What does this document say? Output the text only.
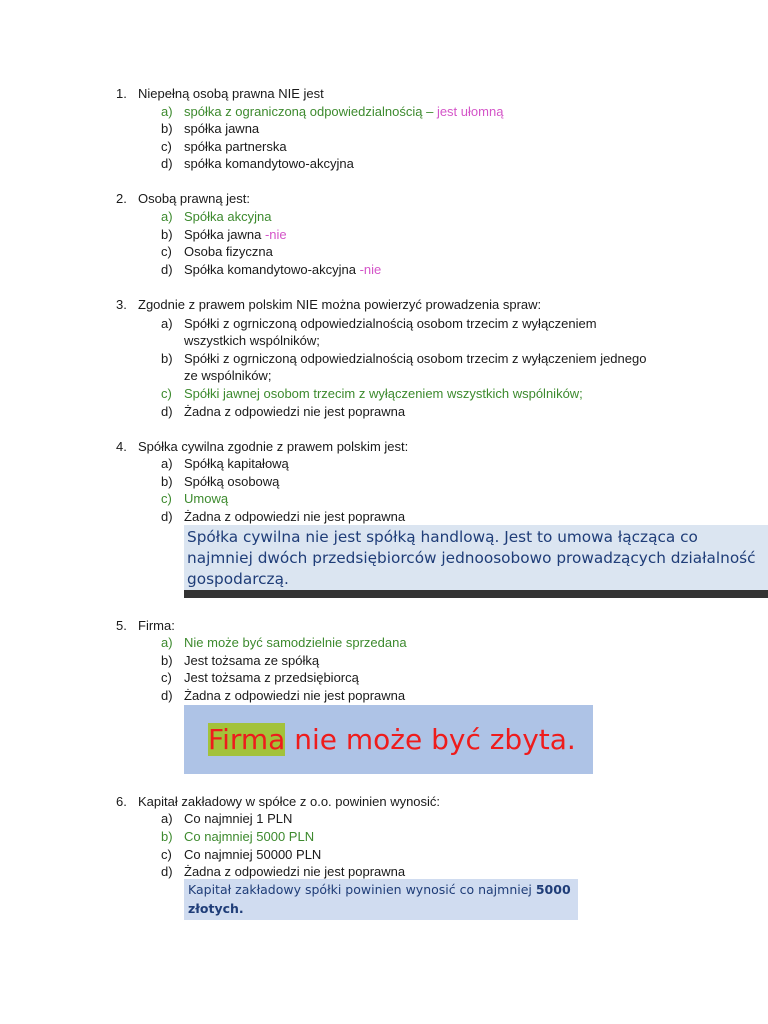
1. Niepełną osobą prawna NIE jest
a) spółka z ograniczoną odpowiedzialnością – jest ułomną
b) spółka jawna
c) spółka partnerska
d) spółka komandytowo-akcyjna
2. Osobą prawną jest:
a) Spółka akcyjna
b) Spółka jawna -nie
c) Osoba fizyczna
d) Spółka komandytowo-akcyjna -nie
3. Zgodnie z prawem polskim NIE można powierzyć prowadzenia spraw:
a) Spółki z ogrniczoną odpowiedzialnością osobom trzecim z wyłączeniem
wszystkich wspólników;
b) Spółki z ogrniczoną odpowiedzialnością osobom trzecim z wyłączeniem jednego
ze wspólników;
c) Spółki jawnej osobom trzecim z wyłączeniem wszystkich wspólników;
d) Żadna z odpowiedzi nie jest poprawna
4. Spółka cywilna zgodnie z prawem polskim jest:
a) Spółką kapitałową
b) Spółką osobową
c) Umową
d) Żadna z odpowiedzi nie jest poprawna
Spółka cywilna nie jest spółką handlową. Jest to umowa łącząca co najmniej dwóch przedsiębiorców jednoosobowo prowadzących działalność gospodarczą.
5. Firma:
a) Nie może być samodzielnie sprzedana
b) Jest tożsama ze spółką
c) Jest tożsama z przedsiębiorcą
d) Żadna z odpowiedzi nie jest poprawna
Firma nie może być zbyta.
6. Kapitał zakładowy w spółce z o.o. powinien wynosić:
a) Co najmniej 1 PLN
b) Co najmniej 5000 PLN
c) Co najmniej 50000 PLN
d) Żadna z odpowiedzi nie jest poprawna
Kapitał zakładowy spółki powinien wynosić co najmniej 5000 złotych.
